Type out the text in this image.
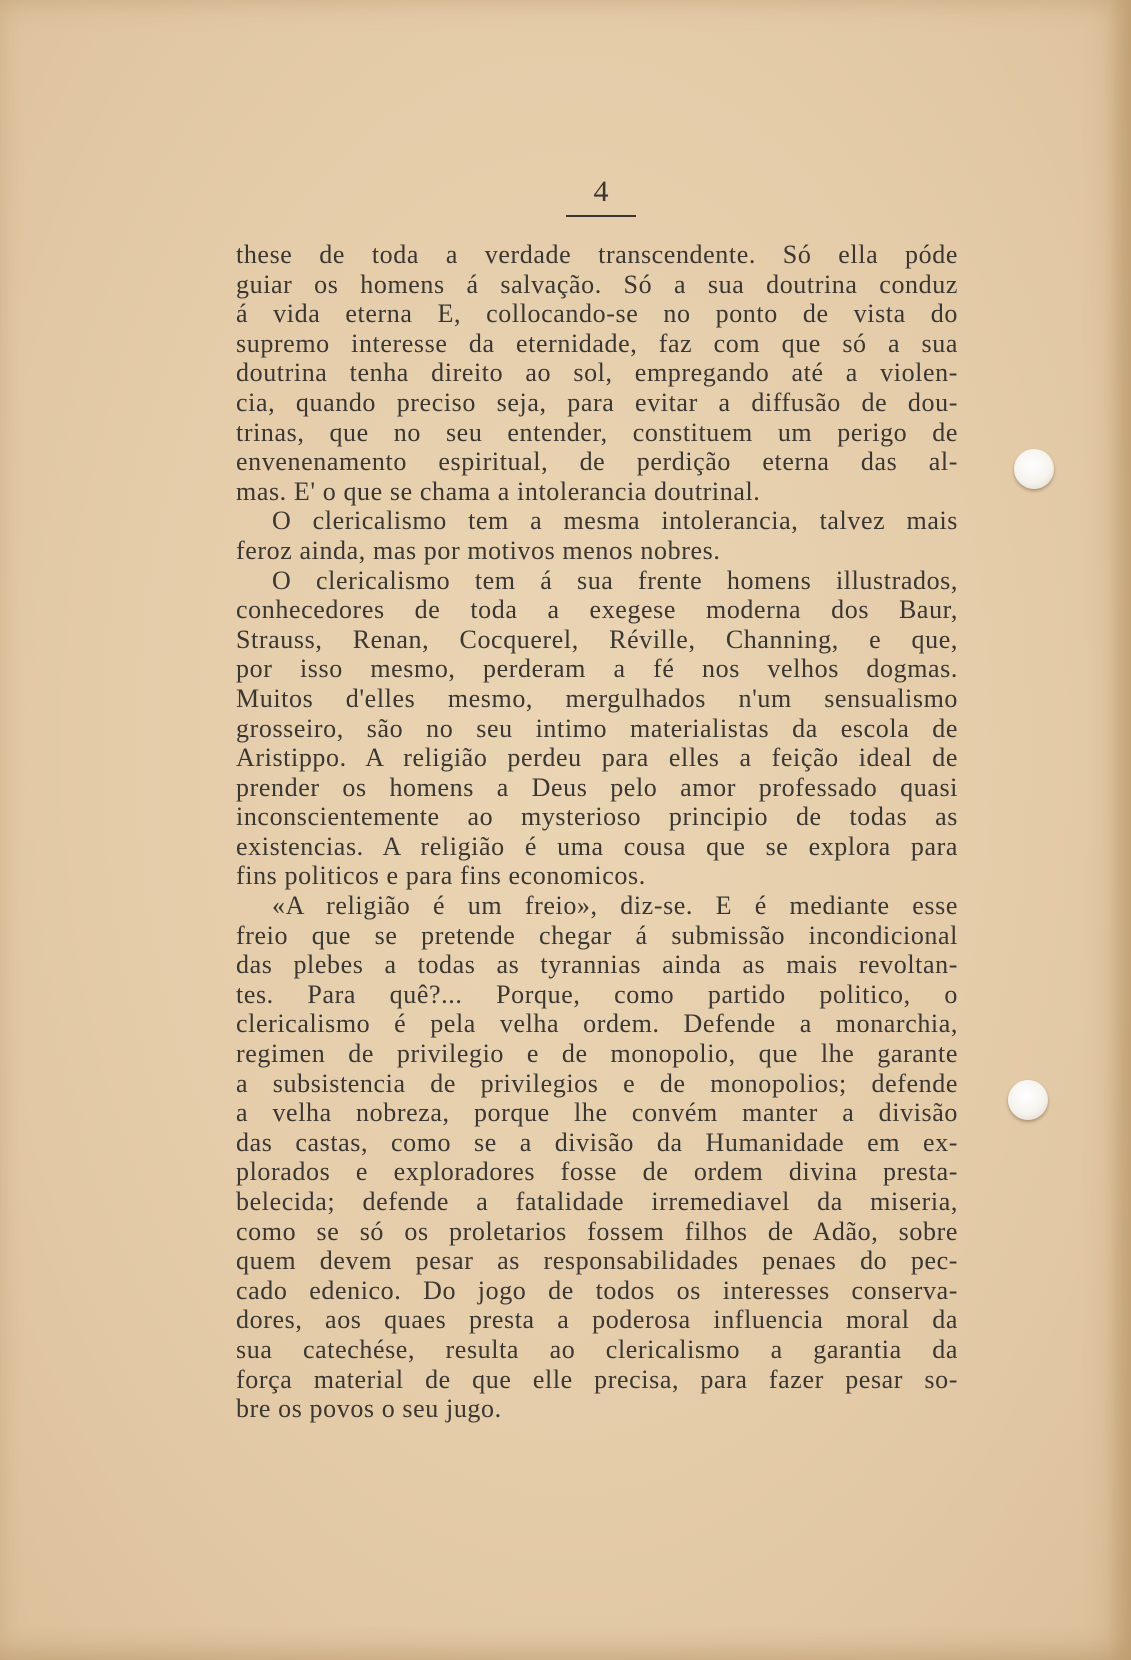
4
these de toda a verdade transcendente. Só ella póde
guiar os homens á salvação. Só a sua doutrina conduz
á vida eterna E, collocando-se no ponto de vista do
supremo interesse da eternidade, faz com que só a sua
doutrina tenha direito ao sol, empregando até a violen-
cia, quando preciso seja, para evitar a diffusão de dou-
trinas, que no seu entender, constituem um perigo de
envenenamento espiritual, de perdição eterna das al-
mas. E' o que se chama a intolerancia doutrinal.
O clericalismo tem a mesma intolerancia, talvez mais
feroz ainda, mas por motivos menos nobres.
O clericalismo tem á sua frente homens illustrados,
conhecedores de toda a exegese moderna dos Baur,
Strauss, Renan, Cocquerel, Réville, Channing, e que,
por isso mesmo, perderam a fé nos velhos dogmas.
Muitos d'elles mesmo, mergulhados n'um sensualismo
grosseiro, são no seu intimo materialistas da escola de
Aristippo. A religião perdeu para elles a feição ideal de
prender os homens a Deus pelo amor professado quasi
inconscientemente ao mysterioso principio de todas as
existencias. A religião é uma cousa que se explora para
fins politicos e para fins economicos.
«A religião é um freio», diz-se. E é mediante esse
freio que se pretende chegar á submissão incondicional
das plebes a todas as tyrannias ainda as mais revoltan-
tes. Para quê?... Porque, como partido politico, o
clericalismo é pela velha ordem. Defende a monarchia,
regimen de privilegio e de monopolio, que lhe garante
a subsistencia de privilegios e de monopolios; defende
a velha nobreza, porque lhe convém manter a divisão
das castas, como se a divisão da Humanidade em ex-
plorados e exploradores fosse de ordem divina presta-
belecida; defende a fatalidade irremediavel da miseria,
como se só os proletarios fossem filhos de Adão, sobre
quem devem pesar as responsabilidades penaes do pec-
cado edenico. Do jogo de todos os interesses conserva-
dores, aos quaes presta a poderosa influencia moral da
sua catechése, resulta ao clericalismo a garantia da
força material de que elle precisa, para fazer pesar so-
bre os povos o seu jugo.
